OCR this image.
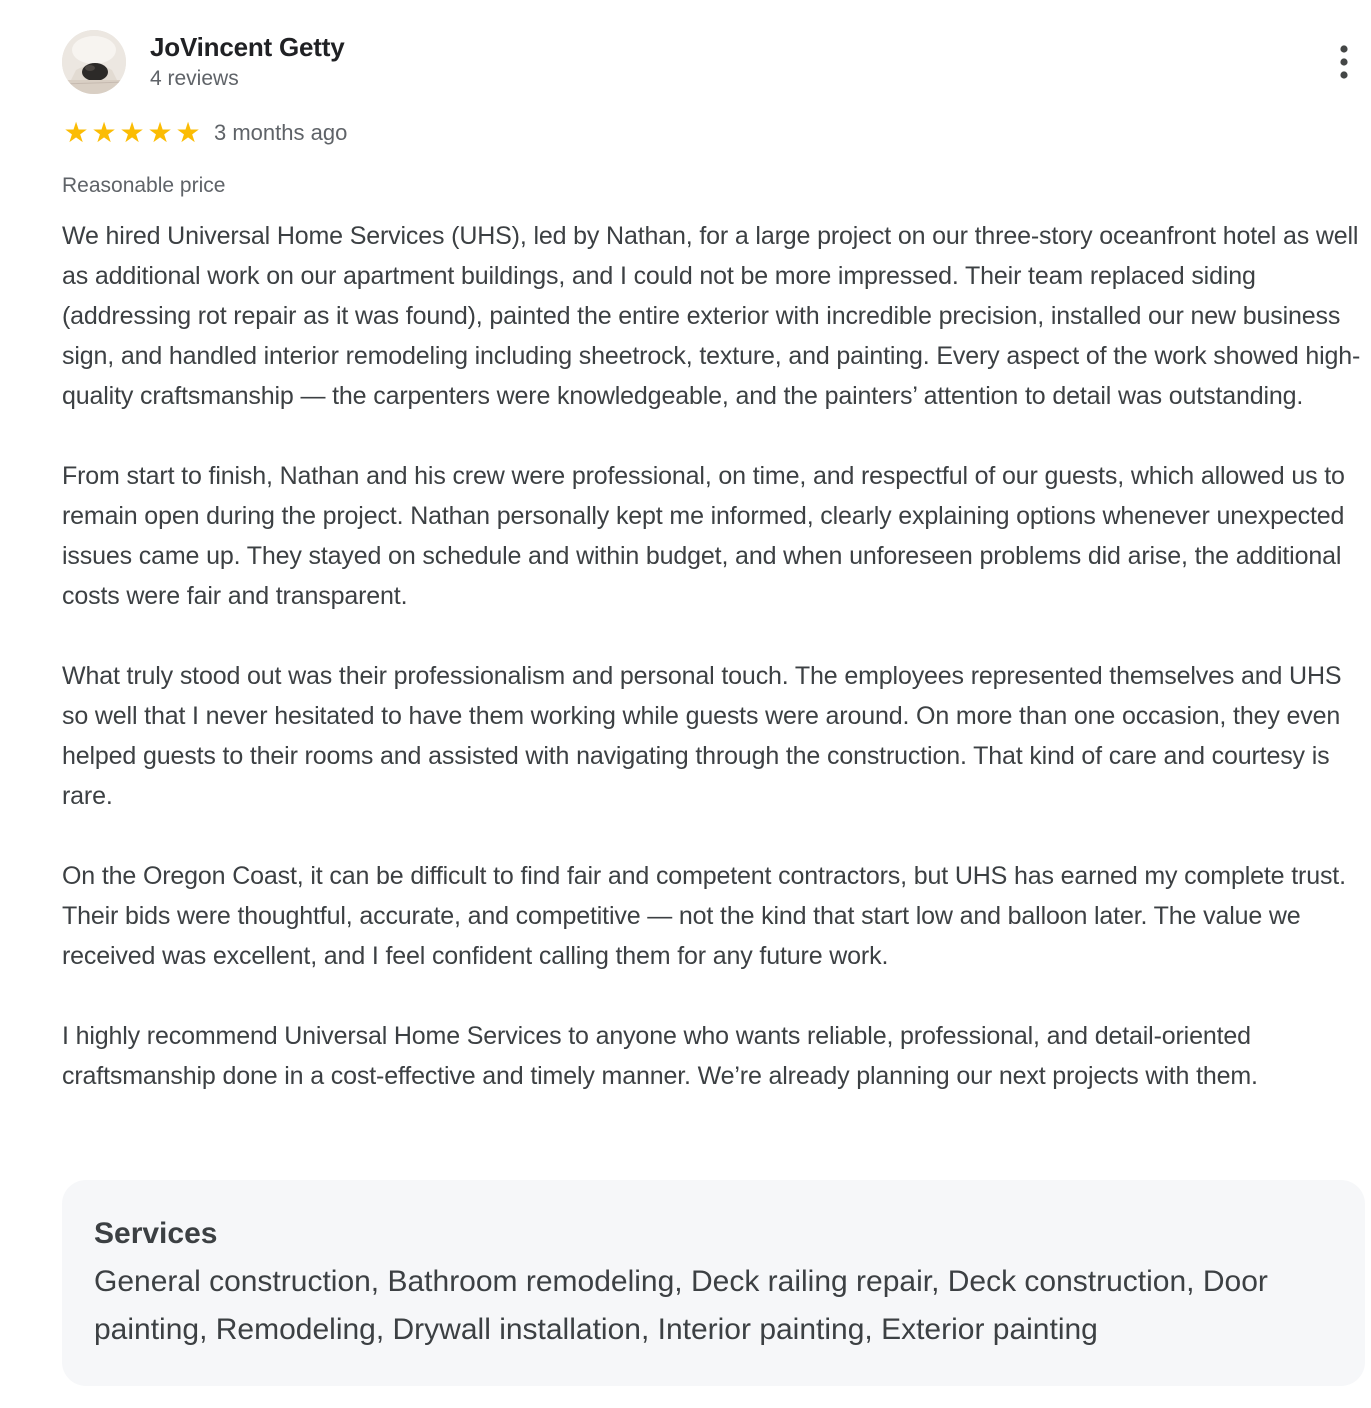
JoVincent Getty
4 reviews
★ ★ ★ ★ ★ 3 months ago
Reasonable price

We hired Universal Home Services (UHS), led by Nathan, for a large project on our three-story oceanfront hotel as well as additional work on our apartment buildings, and I could not be more impressed. Their team replaced siding (addressing rot repair as it was found), painted the entire exterior with incredible precision, installed our new business sign, and handled interior remodeling including sheetrock, texture, and painting. Every aspect of the work showed high-quality craftsmanship — the carpenters were knowledgeable, and the painters’ attention to detail was outstanding.

From start to finish, Nathan and his crew were professional, on time, and respectful of our guests, which allowed us to remain open during the project. Nathan personally kept me informed, clearly explaining options whenever unexpected issues came up. They stayed on schedule and within budget, and when unforeseen problems did arise, the additional costs were fair and transparent.

What truly stood out was their professionalism and personal touch. The employees represented themselves and UHS so well that I never hesitated to have them working while guests were around. On more than one occasion, they even helped guests to their rooms and assisted with navigating through the construction. That kind of care and courtesy is rare.

On the Oregon Coast, it can be difficult to find fair and competent contractors, but UHS has earned my complete trust. Their bids were thoughtful, accurate, and competitive — not the kind that start low and balloon later. The value we received was excellent, and I feel confident calling them for any future work.

I highly recommend Universal Home Services to anyone who wants reliable, professional, and detail-oriented craftsmanship done in a cost-effective and timely manner. We’re already planning our next projects with them.

Services
General construction, Bathroom remodeling, Deck railing repair, Deck construction, Door painting, Remodeling, Drywall installation, Interior painting, Exterior painting
